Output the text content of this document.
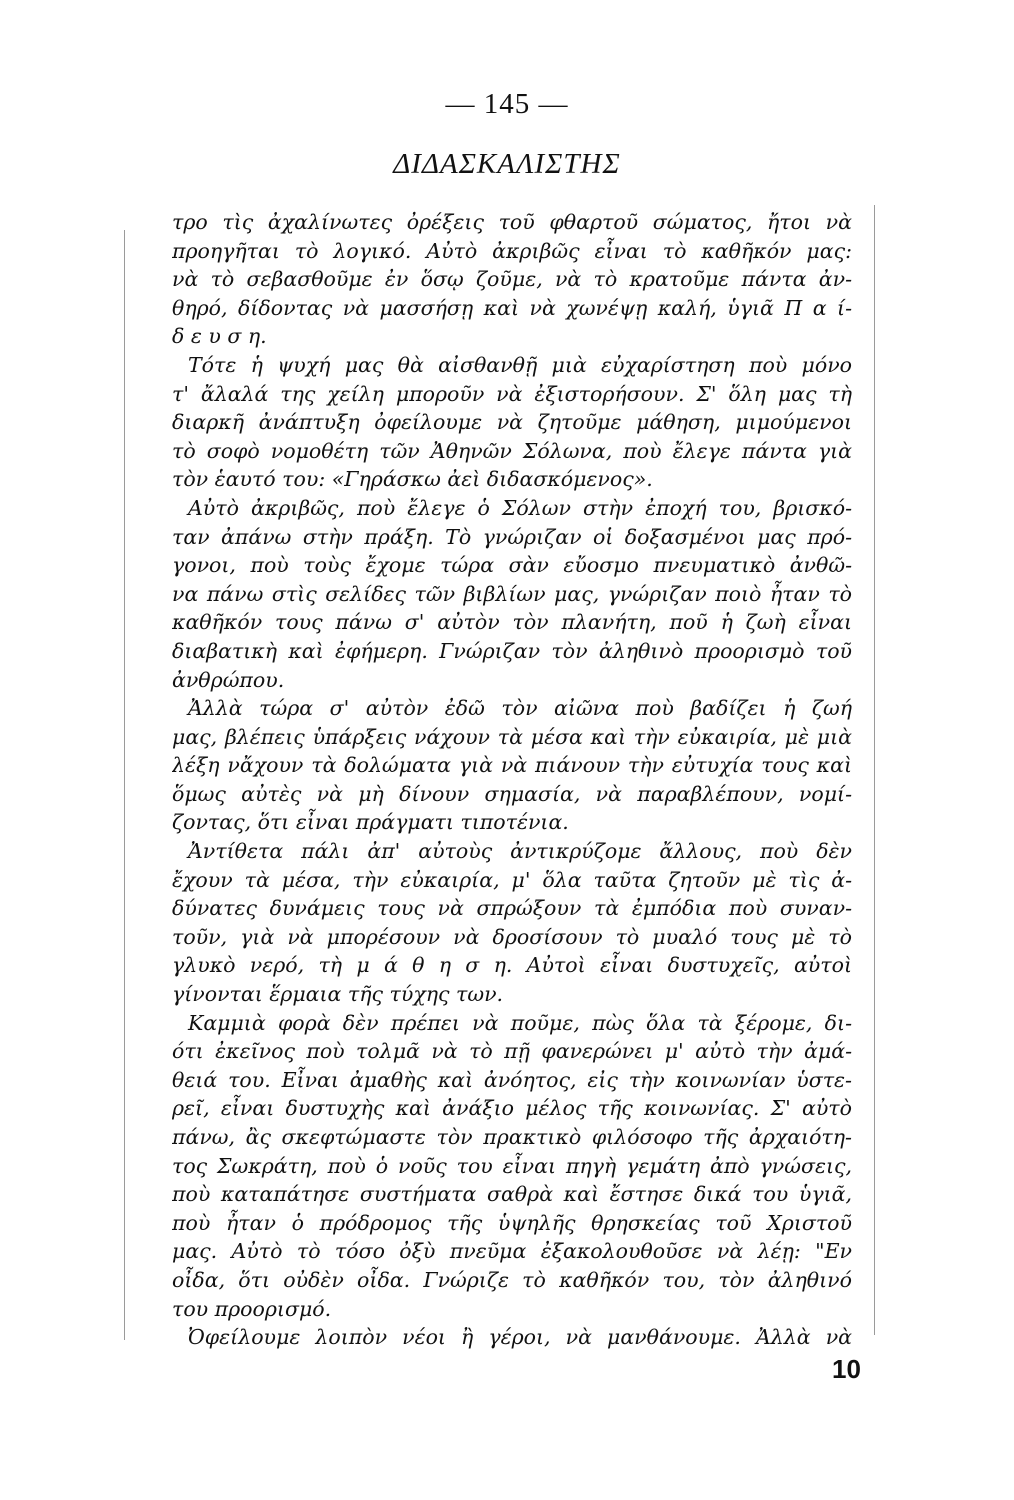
— 145 —
ΔΙΔΑΣΚΑΛΙΣΤΗΣ
τρο τὶς ἀχαλίνωτες ὀρέξεις τοῦ φθαρτοῦ σώματος, ἤτοι νὰ
προηγῆται τὸ λογικό. Αὐτὸ ἀκριβῶς εἶναι τὸ καθῆκόν μας:
νὰ τὸ σεβασθοῦμε ἐν ὅσῳ ζοῦμε, νὰ τὸ κρατοῦμε πάντα ἀν-
θηρό, δίδοντας νὰ μασσήσῃ καὶ νὰ χωνέψῃ καλή, ὑγιᾶ Π α ί-
δ ε υ σ η.
Τότε ἡ ψυχή μας θὰ αἰσθανθῇ μιὰ εὐχαρίστηση ποὺ μόνο
τ' ἄλαλά της χείλη μποροῦν νὰ ἐξιστορήσουν. Σ' ὅλη μας τὴ
διαρκῆ ἀνάπτυξη ὀφείλουμε νὰ ζητοῦμε μάθηση, μιμούμενοι
τὸ σοφὸ νομοθέτη τῶν Ἀθηνῶν Σόλωνα, ποὺ ἔλεγε πάντα γιὰ
τὸν ἑαυτό του: «Γηράσκω ἀεὶ διδασκόμενος».
Αὐτὸ ἀκριβῶς, ποὺ ἔλεγε ὁ Σόλων στὴν ἐποχή του, βρισκό-
ταν ἀπάνω στὴν πράξη. Τὸ γνώριζαν οἱ δοξασμένοι μας πρό-
γονοι, ποὺ τοὺς ἔχομε τώρα σὰν εὔοσμο πνευματικὸ ἀνθῶ-
να πάνω στὶς σελίδες τῶν βιβλίων μας, γνώριζαν ποιὸ ἦταν τὸ
καθῆκόν τους πάνω σ' αὐτὸν τὸν πλανήτη, ποῦ ἡ ζωὴ εἶναι
διαβατικὴ καὶ ἐφήμερη. Γνώριζαν τὸν ἀληθινὸ προορισμὸ τοῦ
ἀνθρώπου.
Ἀλλὰ τώρα σ' αὐτὸν ἐδῶ τὸν αἰῶνα ποὺ βαδίζει ἡ ζωή
μας, βλέπεις ὑπάρξεις νάχουν τὰ μέσα καὶ τὴν εὐκαιρία, μὲ μιὰ
λέξη νἄχουν τὰ δολώματα γιὰ νὰ πιάνουν τὴν εὐτυχία τους καὶ
ὅμως αὐτὲς νὰ μὴ δίνουν σημασία, νὰ παραβλέπουν, νομί-
ζοντας, ὅτι εἶναι πράγματι τιποτένια.
Ἀντίθετα πάλι ἀπ' αὐτοὺς ἀντικρύζομε ἄλλους, ποὺ δὲν
ἔχουν τὰ μέσα, τὴν εὐκαιρία, μ' ὅλα ταῦτα ζητοῦν μὲ τὶς ἀ-
δύνατες δυνάμεις τους νὰ σπρώξουν τὰ ἐμπόδια ποὺ συναν-
τοῦν, γιὰ νὰ μπορέσουν νὰ δροσίσουν τὸ μυαλό τους μὲ τὸ
γλυκὸ νερό, τὴ μ ά θ η σ η. Αὐτοὶ εἶναι δυστυχεῖς, αὐτοὶ
γίνονται ἕρμαια τῆς τύχης των.
Καμμιὰ φορὰ δὲν πρέπει νὰ ποῦμε, πὼς ὅλα τὰ ξέρομε, δι-
ότι ἐκεῖνος ποὺ τολμᾶ νὰ τὸ πῇ φανερώνει μ' αὐτὸ τὴν ἀμά-
θειά του. Εἶναι ἀμαθὴς καὶ ἀνόητος, εἰς τὴν κοινωνίαν ὑστε-
ρεῖ, εἶναι δυστυχὴς καὶ ἀνάξιο μέλος τῆς κοινωνίας. Σ' αὐτὸ
πάνω, ἂς σκεφτώμαστε τὸν πρακτικὸ φιλόσοφο τῆς ἀρχαιότη-
τος Σωκράτη, ποὺ ὁ νοῦς του εἶναι πηγὴ γεμάτη ἀπὸ γνώσεις,
ποὺ καταπάτησε συστήματα σαθρὰ καὶ ἔστησε δικά του ὑγιᾶ,
ποὺ ἦταν ὁ πρόδρομος τῆς ὑψηλῆς θρησκείας τοῦ Χριστοῦ
μας. Αὐτὸ τὸ τόσο ὀξὺ πνεῦμα ἐξακολουθοῦσε νὰ λέῃ: "Εν
οἶδα, ὅτι οὐδὲν οἶδα. Γνώριζε τὸ καθῆκόν του, τὸν ἀληθινό
του προορισμό.
Ὀφείλουμε λοιπὸν νέοι ἢ γέροι, νὰ μανθάνουμε. Ἀλλὰ νὰ
10
